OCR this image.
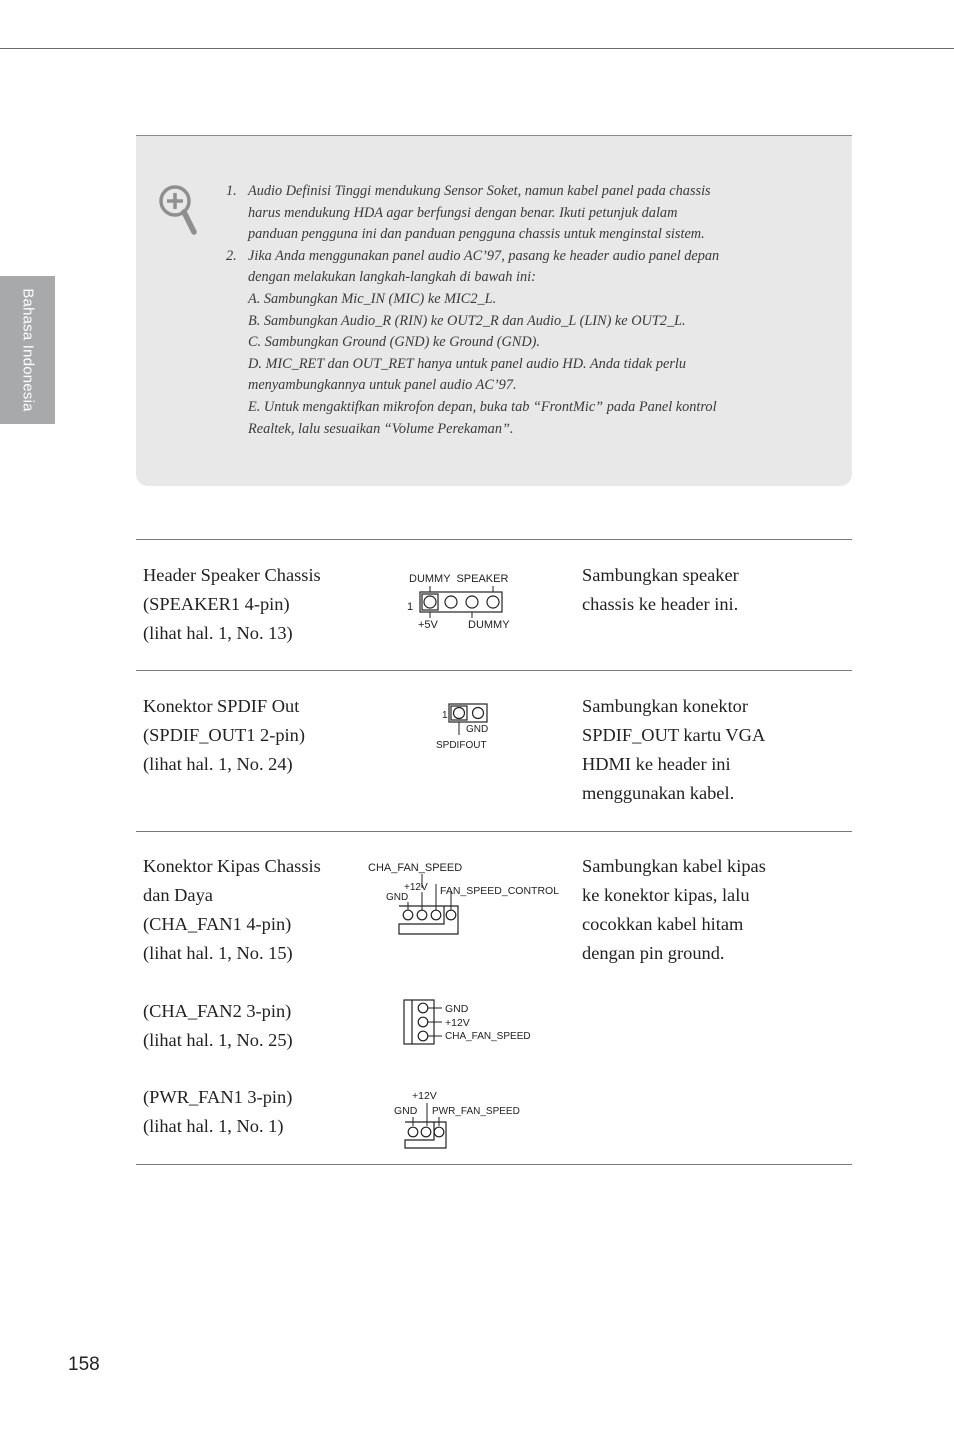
Bahasa Indonesia
1. Audio Definisi Tinggi mendukung Sensor Soket, namun kabel panel pada chassis
harus mendukung HDA agar berfungsi dengan benar. Ikuti petunjuk dalam
panduan pengguna ini dan panduan pengguna chassis untuk menginstal sistem.
2. Jika Anda menggunakan panel audio AC’97, pasang ke header audio panel depan
dengan melakukan langkah-langkah di bawah ini:
A. Sambungkan Mic_IN (MIC) ke MIC2_L.
B. Sambungkan Audio_R (RIN) ke OUT2_R dan Audio_L (LIN) ke OUT2_L.
C. Sambungkan Ground (GND) ke Ground (GND).
D. MIC_RET dan OUT_RET hanya untuk panel audio HD. Anda tidak perlu
menyambungkannya untuk panel audio AC’97.
E. Untuk mengaktifkan mikrofon depan, buka tab “FrontMic” pada Panel kontrol
Realtek, lalu sesuaikan “Volume Perekaman”.
Header Speaker Chassis
(SPEAKER1 4-pin)
(lihat hal. 1, No. 13)
DUMMY  SPEAKER
1
+5V	DUMMY
Sambungkan speaker
chassis ke header ini.
Konektor SPDIF Out
(SPDIF_OUT1 2-pin)
(lihat hal. 1, No. 24)
1
GND
SPDIFOUT
Sambungkan konektor
SPDIF_OUT kartu VGA
HDMI ke header ini
menggunakan kabel.
Konektor Kipas Chassis
dan Daya
(CHA_FAN1 4-pin)
(lihat hal. 1, No. 15)
(CHA_FAN2 3-pin)
(lihat hal. 1, No. 25)
(PWR_FAN1 3-pin)
(lihat hal. 1, No. 1)
Sambungkan kabel kipas
ke konektor kipas, lalu
cocokkan kabel hitam
dengan pin ground.
CHA_FAN_SPEED
+12V
GND
FAN_SPEED_CONTROL
GND
+12V
CHA_FAN_SPEED
+12V
GND PWR_FAN_SPEED
158
